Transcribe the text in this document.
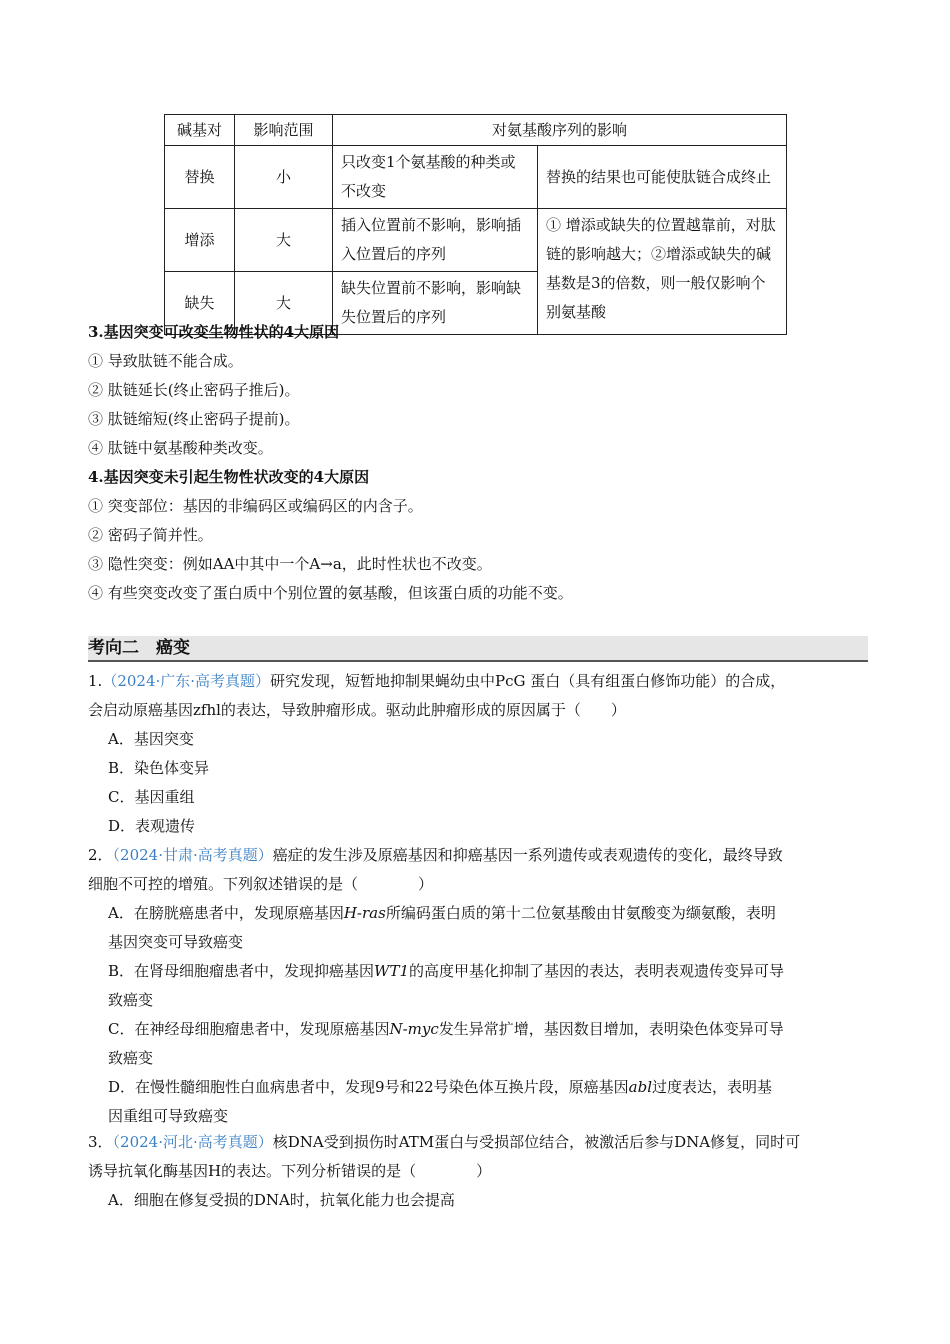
碱基对	影响范围	对氨基酸序列的影响	
替换	小	只改变1个氨基酸的种类或不改变	替换的结果也可能使肽链合成终止
增添	大	插入位置前不影响，影响插入位置后的序列	① 增添或缺失的位置越靠前，对肽链的影响越大；②增添或缺失的碱基数是3的倍数，则一般仅影响个别氨基酸
缺失	大	缺失位置前不影响，影响缺失位置后的序列	
3.基因突变可改变生物性状的4大原因
① 导致肽链不能合成。
② 肽链延长(终止密码子推后)。
③ 肽链缩短(终止密码子提前)。
④ 肽链中氨基酸种类改变。
4.基因突变未引起生物性状改变的4大原因
① 突变部位：基因的非编码区或编码区的内含子。
② 密码子简并性。
③ 隐性突变：例如AA中其中一个A→a，此时性状也不改变。
④ 有些突变改变了蛋白质中个别位置的氨基酸，但该蛋白质的功能不变。
考向二　癌变
1.（2024·广东·高考真题）研究发现，短暂地抑制果蝇幼虫中PcG 蛋白（具有组蛋白修饰功能）的合成，
会启动原癌基因zfhl的表达，导致肿瘤形成。驱动此肿瘤形成的原因属于（　　）
A．基因突变
B．染色体变异
C．基因重组
D．表观遗传
2．（2024·甘肃·高考真题）癌症的发生涉及原癌基因和抑癌基因一系列遗传或表观遗传的变化，最终导致
细胞不可控的增殖。下列叙述错误的是（　　　　）
A．在膀胱癌患者中，发现原癌基因H-ras所编码蛋白质的第十二位氨基酸由甘氨酸变为缬氨酸，表明
基因突变可导致癌变
B．在肾母细胞瘤患者中，发现抑癌基因WT1的高度甲基化抑制了基因的表达，表明表观遗传变异可导
致癌变
C．在神经母细胞瘤患者中，发现原癌基因N-myc发生异常扩增，基因数目增加，表明染色体变异可导
致癌变
D．在慢性髓细胞性白血病患者中，发现9号和22号染色体互换片段，原癌基因abl过度表达，表明基
因重组可导致癌变
3．（2024·河北·高考真题）核DNA受到损伤时ATM蛋白与受损部位结合，被激活后参与DNA修复，同时可
诱导抗氧化酶基因H的表达。下列分析错误的是（　　　　）
A．细胞在修复受损的DNA时，抗氧化能力也会提高
